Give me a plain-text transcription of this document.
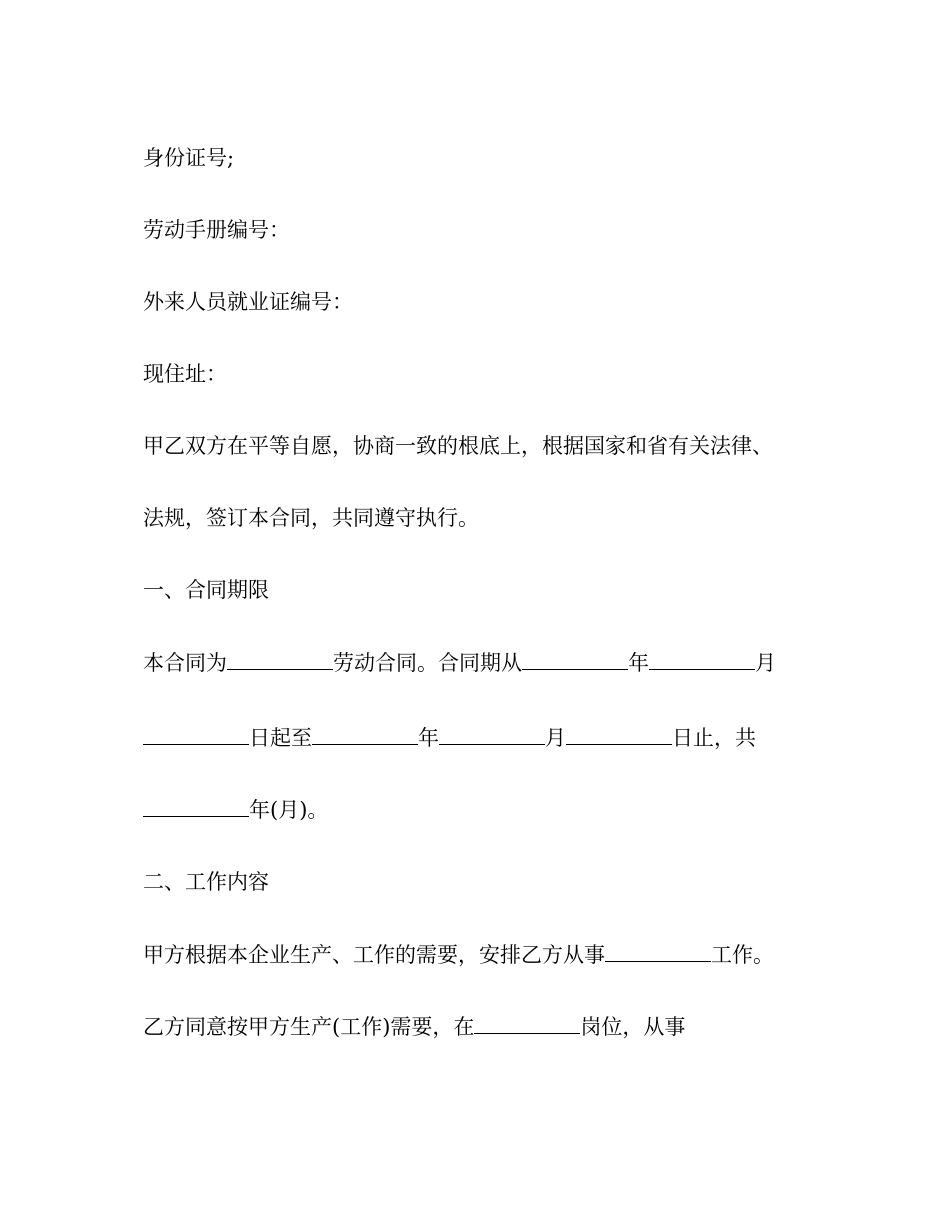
身份证号;
劳动手册编号：
外来人员就业证编号：
现住址：
甲乙双方在平等自愿，协商一致的根底上，根据国家和省有关法律、
法规，签订本合同，共同遵守执行。
一、合同期限
本合同为	劳动合同。合同期从	年	月
日起至	年	月	日止，共
年(月)。
二、工作内容
甲方根据本企业生产、工作的需要，安排乙方从事	工作。
乙方同意按甲方生产(工作)需要，在	岗位，从事
